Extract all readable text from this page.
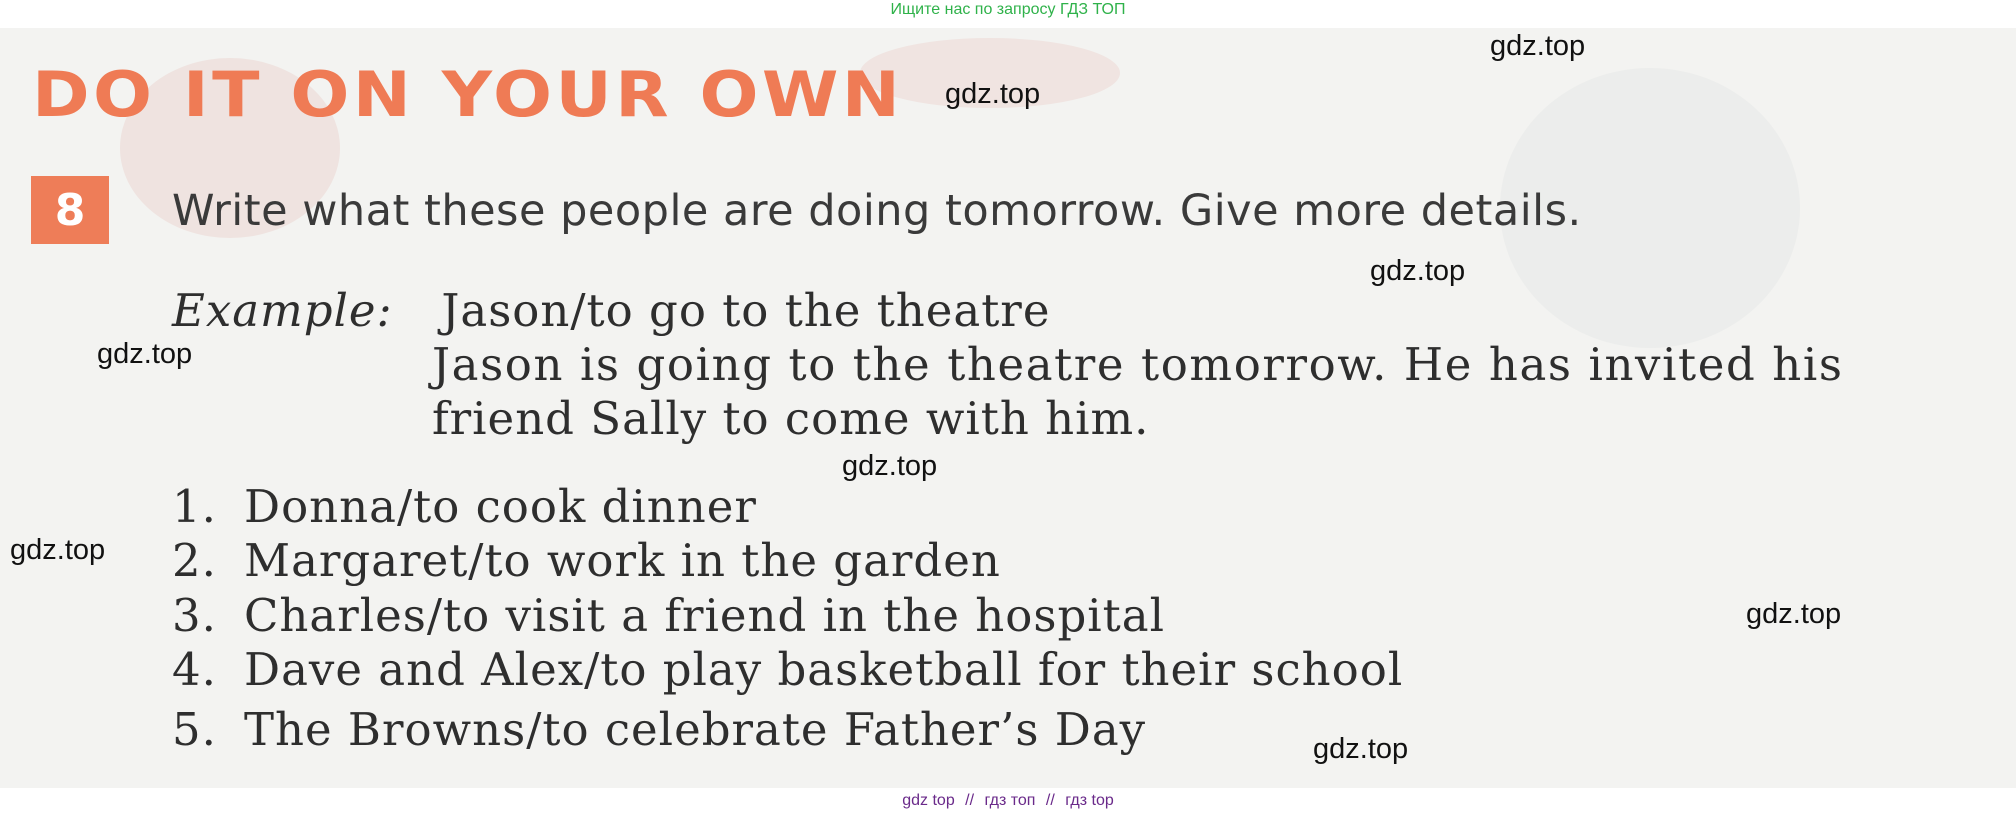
Ищите нас по запросу ГДЗ ТОП
DO IT ON YOUR OWN
8	Write what these people are doing tomorrow. Give more details.
Example: Jason/to go to the theatre
Jason is going to the theatre tomorrow. He has invited his
friend Sally to come with him.
1. Donna/to cook dinner
2. Margaret/to work in the garden
3. Charles/to visit a friend in the hospital
4. Dave and Alex/to play basketball for their school
5. The Browns/to celebrate Father’s Day
gdz.top
gdz.top
gdz.top
gdz.top
gdz.top
gdz.top
gdz.top
gdz.top
gdz top // гдз топ // гдз top
